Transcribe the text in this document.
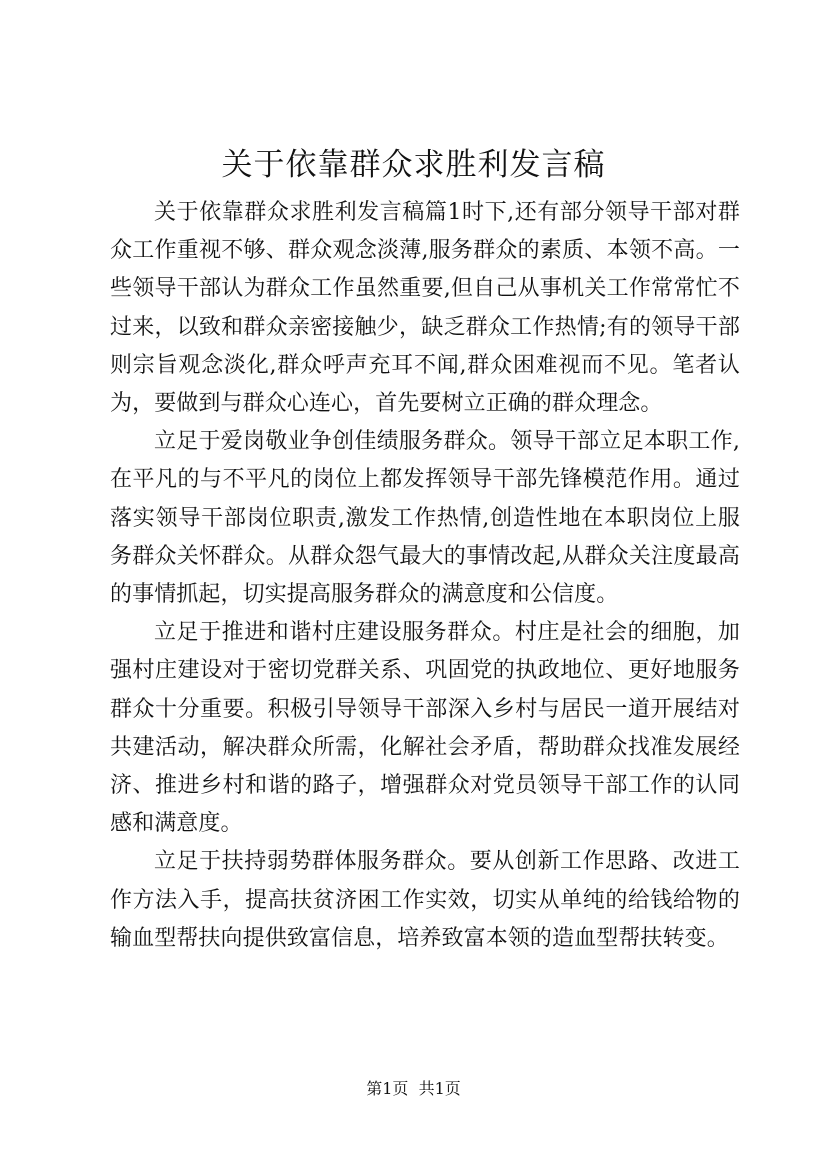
关于依靠群众求胜利发言稿

关于依靠群众求胜利发言稿篇1时下,还有部分领导干部对群众工作重视不够、群众观念淡薄,服务群众的素质、本领不高。一些领导干部认为群众工作虽然重要,但自己从事机关工作常常忙不过来，以致和群众亲密接触少，缺乏群众工作热情;有的领导干部则宗旨观念淡化,群众呼声充耳不闻,群众困难视而不见。笔者认为，要做到与群众心连心，首先要树立正确的群众理念。

立足于爱岗敬业争创佳绩服务群众。领导干部立足本职工作,在平凡的与不平凡的岗位上都发挥领导干部先锋模范作用。通过落实领导干部岗位职责,激发工作热情,创造性地在本职岗位上服务群众关怀群众。从群众怨气最大的事情改起,从群众关注度最高的事情抓起，切实提高服务群众的满意度和公信度。

立足于推进和谐村庄建设服务群众。村庄是社会的细胞，加强村庄建设对于密切党群关系、巩固党的执政地位、更好地服务群众十分重要。积极引导领导干部深入乡村与居民一道开展结对共建活动，解决群众所需，化解社会矛盾，帮助群众找准发展经济、推进乡村和谐的路子，增强群众对党员领导干部工作的认同感和满意度。

立足于扶持弱势群体服务群众。要从创新工作思路、改进工作方法入手，提高扶贫济困工作实效，切实从单纯的给钱给物的输血型帮扶向提供致富信息，培养致富本领的造血型帮扶转变。

第1页  共1页
